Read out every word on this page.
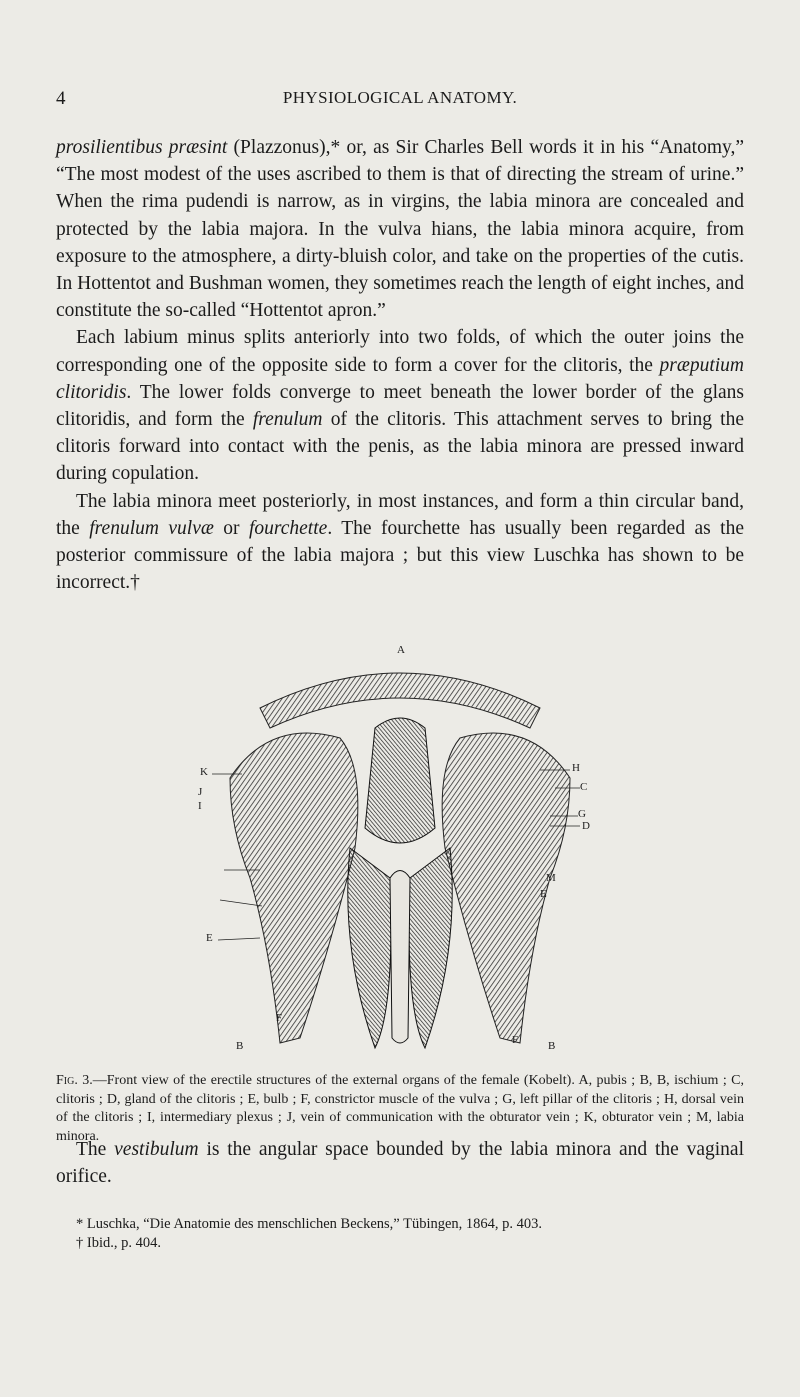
4	PHYSIOLOGICAL ANATOMY.

prosilientibus præsint (Plazzonus),* or, as Sir Charles Bell words it in his “Anatomy,” “The most modest of the uses ascribed to them is that of directing the stream of urine.” When the rima pudendi is narrow, as in virgins, the labia minora are concealed and protected by the labia majora. In the vulva hians, the labia minora acquire, from exposure to the atmosphere, a dirty-bluish color, and take on the properties of the cutis. In Hottentot and Bushman women, they sometimes reach the length of eight inches, and constitute the so-called “Hottentot apron.”

Each labium minus splits anteriorly into two folds, of which the outer joins the corresponding one of the opposite side to form a cover for the clitoris, the præputium clitoridis. The lower folds converge to meet beneath the lower border of the glans clitoridis, and form the frenulum of the clitoris. This attachment serves to bring the clitoris forward into contact with the penis, as the labia minora are pressed inward during copulation.

The labia minora meet posteriorly, in most instances, and form a thin circular band, the frenulum vulvæ or fourchette. The fourchette has usually been regarded as the posterior commissure of the labia majora ; but this view Luschka has shown to be incorrect.†

A
K	H
C
J
I
G
D
M
E
E
F
F
B	B
Fig. 3.—Front view of the erectile structures of the external organs of the female (Kobelt). A, pubis ; B, B, ischium ; C, clitoris ; D, gland of the clitoris ; E, bulb ; F, constrictor muscle of the vulva ; G, left pillar of the clitoris ; H, dorsal vein of the clitoris ; I, intermediary plexus ; J, vein of communication with the obturator vein ; K, obturator vein ; M, labia minora.

The vestibulum is the angular space bounded by the labia minora and the vaginal orifice.

* Luschka, “Die Anatomie des menschlichen Beckens,” Tübingen, 1864, p. 403.

† Ibid., p. 404.
